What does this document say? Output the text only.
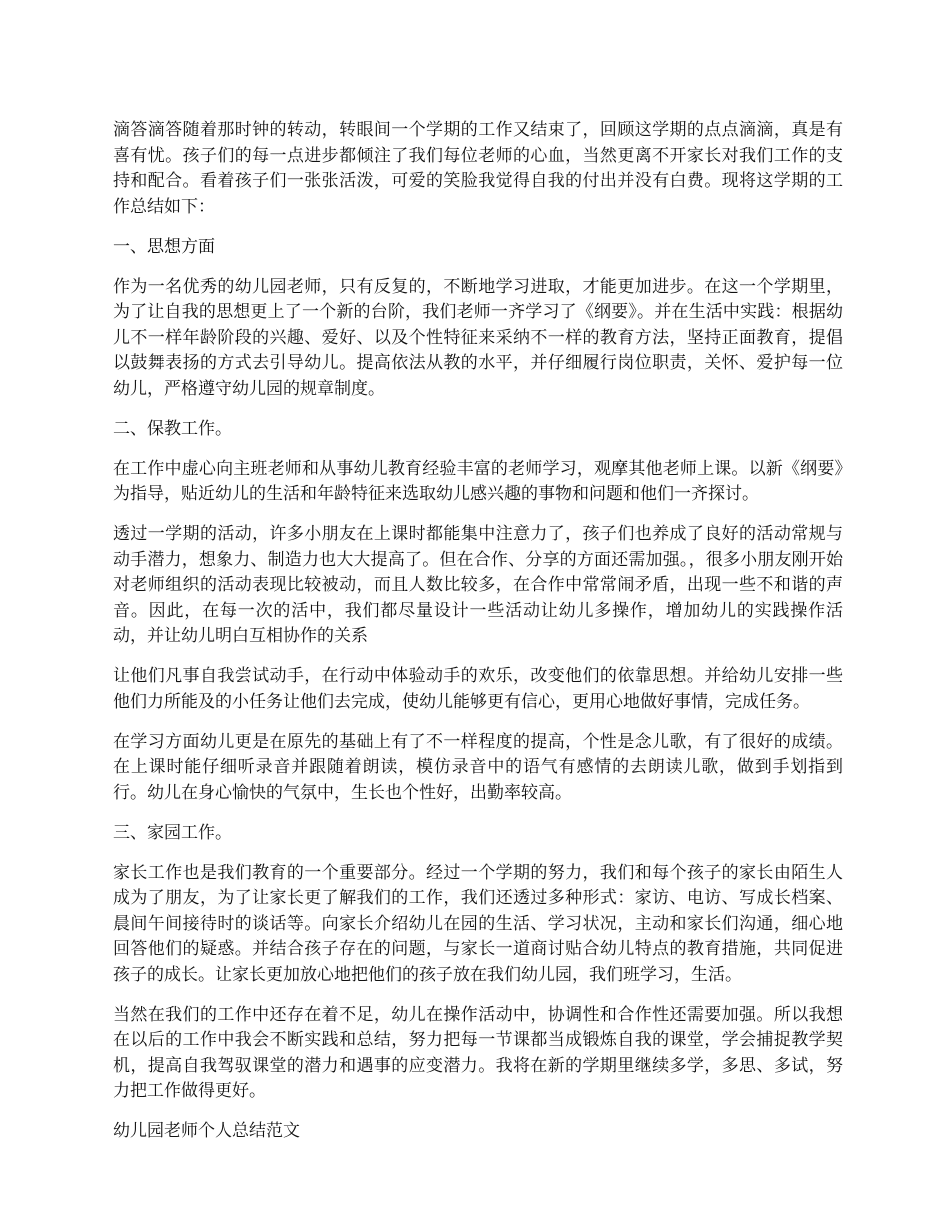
滴答滴答随着那时钟的转动，转眼间一个学期的工作又结束了，回顾这学期的点点滴滴，真是有喜有忧。孩子们的每一点进步都倾注了我们每位老师的心血，当然更离不开家长对我们工作的支持和配合。看着孩子们一张张活泼，可爱的笑脸我觉得自我的付出并没有白费。现将这学期的工作总结如下：

一、思想方面

作为一名优秀的幼儿园老师，只有反复的，不断地学习进取，才能更加进步。在这一个学期里，为了让自我的思想更上了一个新的台阶，我们老师一齐学习了《纲要》。并在生活中实践：根据幼儿不一样年龄阶段的兴趣、爱好、以及个性特征来采纳不一样的教育方法，坚持正面教育，提倡以鼓舞表扬的方式去引导幼儿。提高依法从教的水平，并仔细履行岗位职责，关怀、爱护每一位幼儿，严格遵守幼儿园的规章制度。

二、保教工作。

在工作中虚心向主班老师和从事幼儿教育经验丰富的老师学习，观摩其他老师上课。以新《纲要》为指导，贴近幼儿的生活和年龄特征来选取幼儿感兴趣的事物和问题和他们一齐探讨。

透过一学期的活动，许多小朋友在上课时都能集中注意力了，孩子们也养成了良好的活动常规与动手潜力，想象力、制造力也大大提高了。但在合作、分享的方面还需加强。，很多小朋友刚开始对老师组织的活动表现比较被动，而且人数比较多，在合作中常常闹矛盾，出现一些不和谐的声音。因此，在每一次的活中，我们都尽量设计一些活动让幼儿多操作，增加幼儿的实践操作活动，并让幼儿明白互相协作的关系

让他们凡事自我尝试动手，在行动中体验动手的欢乐，改变他们的依靠思想。并给幼儿安排一些他们力所能及的小任务让他们去完成，使幼儿能够更有信心，更用心地做好事情，完成任务。

在学习方面幼儿更是在原先的基础上有了不一样程度的提高，个性是念儿歌，有了很好的成绩。在上课时能仔细听录音并跟随着朗读，模仿录音中的语气有感情的去朗读儿歌，做到手划指到行。幼儿在身心愉快的气氛中，生长也个性好，出勤率较高。

三、家园工作。

家长工作也是我们教育的一个重要部分。经过一个学期的努力，我们和每个孩子的家长由陌生人成为了朋友，为了让家长更了解我们的工作，我们还透过多种形式：家访、电访、写成长档案、晨间午间接待时的谈话等。向家长介绍幼儿在园的生活、学习状况，主动和家长们沟通，细心地回答他们的疑惑。并结合孩子存在的问题，与家长一道商讨贴合幼儿特点的教育措施，共同促进孩子的成长。让家长更加放心地把他们的孩子放在我们幼儿园，我们班学习，生活。

当然在我们的工作中还存在着不足，幼儿在操作活动中，协调性和合作性还需要加强。所以我想在以后的工作中我会不断实践和总结，努力把每一节课都当成锻炼自我的课堂，学会捕捉教学契机，提高自我驾驭课堂的潜力和遇事的应变潜力。我将在新的学期里继续多学，多思、多试，努力把工作做得更好。

幼儿园老师个人总结范文
